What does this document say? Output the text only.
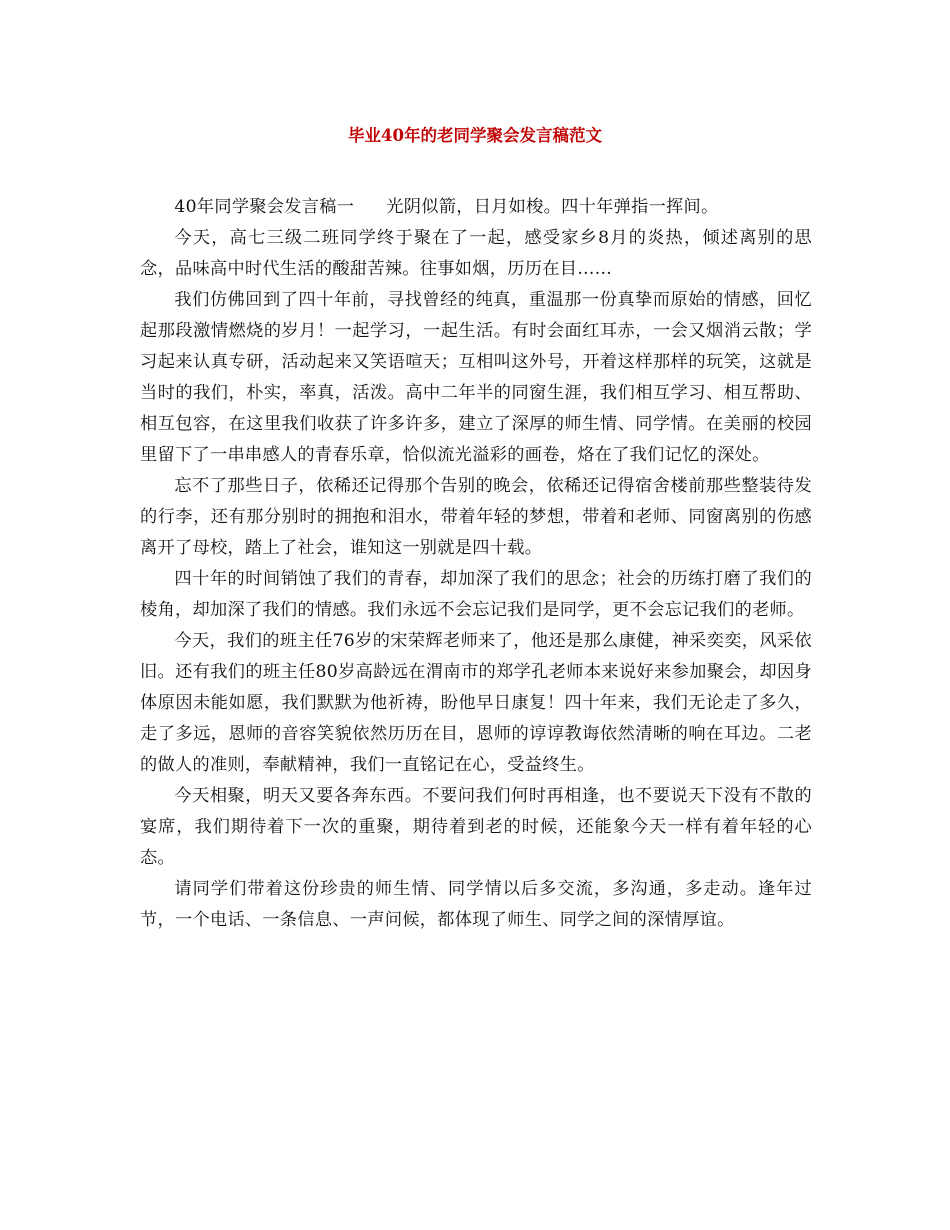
毕业40年的老同学聚会发言稿范文

40年同学聚会发言稿一 光阴似箭，日月如梭。四十年弹指一挥间。

今天，高七三级二班同学终于聚在了一起，感受家乡8月的炎热，倾述离别的思念，品味高中时代生活的酸甜苦辣。往事如烟，历历在目……

我们仿佛回到了四十年前，寻找曾经的纯真，重温那一份真挚而原始的情感，回忆起那段激情燃烧的岁月！一起学习，一起生活。有时会面红耳赤，一会又烟消云散；学习起来认真专研，活动起来又笑语喧天；互相叫这外号，开着这样那样的玩笑，这就是当时的我们，朴实，率真，活泼。高中二年半的同窗生涯，我们相互学习、相互帮助、相互包容，在这里我们收获了许多许多，建立了深厚的师生情、同学情。在美丽的校园里留下了一串串感人的青春乐章，恰似流光溢彩的画卷，烙在了我们记忆的深处。

忘不了那些日子，依稀还记得那个告别的晚会，依稀还记得宿舍楼前那些整装待发的行李，还有那分别时的拥抱和泪水，带着年轻的梦想，带着和老师、同窗离别的伤感离开了母校，踏上了社会，谁知这一别就是四十载。

四十年的时间销蚀了我们的青春，却加深了我们的思念；社会的历练打磨了我们的棱角，却加深了我们的情感。我们永远不会忘记我们是同学，更不会忘记我们的老师。

今天，我们的班主任76岁的宋荣辉老师来了，他还是那么康健，神采奕奕，风采依旧。还有我们的班主任80岁高龄远在渭南市的郑学孔老师本来说好来参加聚会，却因身体原因未能如愿，我们默默为他祈祷，盼他早日康复！四十年来，我们无论走了多久，走了多远，恩师的音容笑貌依然历历在目，恩师的谆谆教诲依然清晰的响在耳边。二老的做人的准则，奉献精神，我们一直铭记在心，受益终生。

今天相聚，明天又要各奔东西。不要问我们何时再相逢，也不要说天下没有不散的宴席，我们期待着下一次的重聚，期待着到老的时候，还能象今天一样有着年轻的心态。

请同学们带着这份珍贵的师生情、同学情以后多交流，多沟通，多走动。逢年过节，一个电话、一条信息、一声问候，都体现了师生、同学之间的深情厚谊。
